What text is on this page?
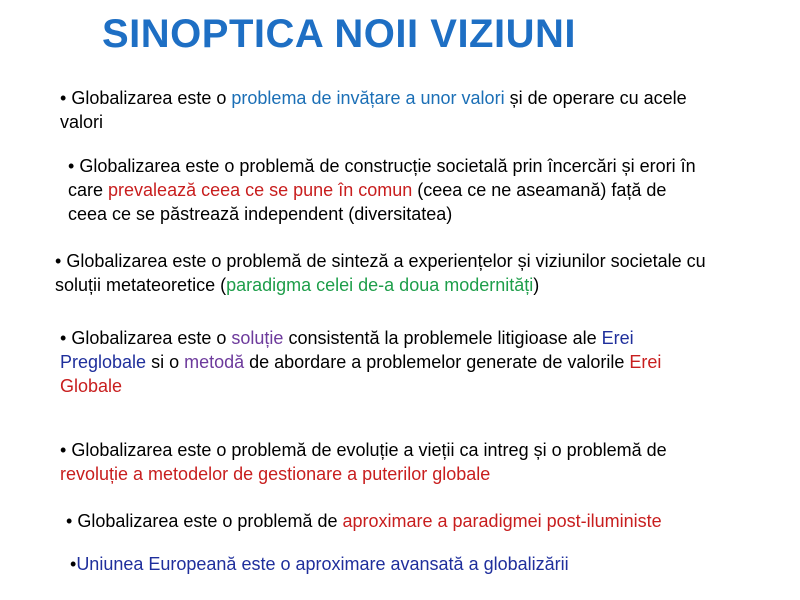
SINOPTICA NOII VIZIUNI
• Globalizarea este o problema de invățare a unor valori și de operare cu acele
valori
• Globalizarea este o problemă de construcție societală prin încercări și erori în
care prevalează ceea ce se pune în comun (ceea ce ne aseamană) față de
ceea ce se păstrează independent (diversitatea)
• Globalizarea este o problemă de sinteză a experiențelor și viziunilor societale cu
soluții metateoretice (paradigma celei de-a doua modernități)
• Globalizarea este o soluție consistentă la problemele litigioase ale Erei
Preglobale si o metodă de abordare a problemelor generate de valorile Erei
Globale
• Globalizarea este o problemă de evoluție a vieții ca intreg și o problemă de
revoluție a metodelor de gestionare a puterilor globale
• Globalizarea este o problemă de aproximare a paradigmei post-iluministe
•Uniunea Europeană este o aproximare avansată a globalizării
